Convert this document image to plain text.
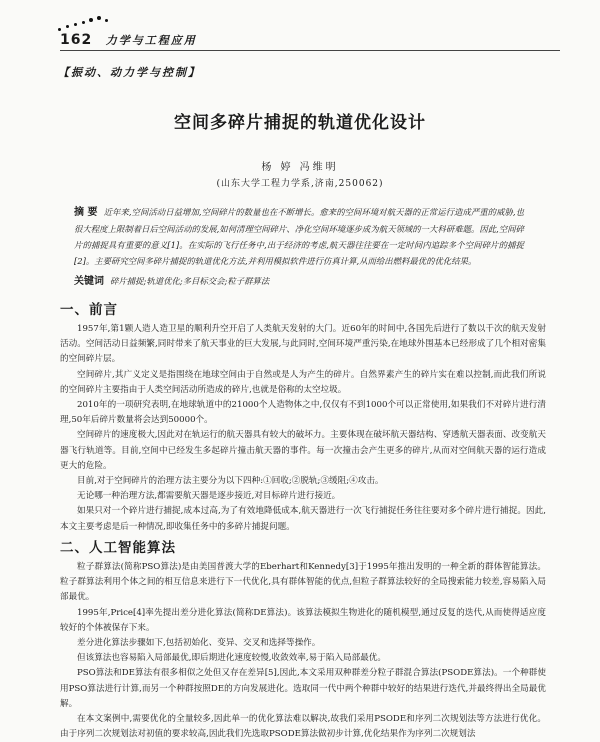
162 力学与工程应用
【振动、动力学与控制】
空间多碎片捕捉的轨道优化设计
杨 婷 冯维明
(山东大学工程力学系,济南,250062)
摘 要 近年来,空间活动日益增加,空间碎片的数量也在不断增长。愈来的空间环境对航天器的正常运行造成严重的威胁,也很大程度上限制着日后空间活动的发展,如何清理空间碎片、净化空间环境逐步成为航天领域的一大科研难题。因此,空间碎片的捕捉具有重要的意义[1]。在实际的飞行任务中,出于经济的考虑,航天器往往要在一定时间内追踪多个空间碎片的捕捉[2]。主要研究空间多碎片捕捉的轨道优化方法,并利用模拟软件进行仿真计算,从而给出燃料最优的优化结果。
关键词 碎片捕捉;轨道优化;多目标交会;粒子群算法
一、前言

1957年,第1颗人造人造卫星的顺利升空开启了人类航天发射的大门。近60年的时间中,各国先后进行了数以千次的航天发射活动。空间活动日益频繁,同时带来了航天事业的巨大发展,与此同时,空间环境严重污染,在地球外围基本已经形成了几个相对密集的空间碎片层。

空间碎片,其广义定义是指围绕在地球空间由于自然或是人为产生的碎片。自然界素产生的碎片实在难以控制,而此我们所说的空间碎片主要指由于人类空间活动所造成的碎片,也就是俗称的太空垃圾。

2010年的一项研究表明,在地球轨道中的21000个人造物体之中,仅仅有不到1000个可以正常使用,如果我们不对碎片进行清理,50年后碎片数量将会达到50000个。

空间碎片的速度极大,因此对在轨运行的航天器具有较大的破坏力。主要体现在破坏航天器结构、穿透航天器表面、改变航天器飞行轨道等。目前,空间中已经发生多起碎片撞击航天器的事件。每一次撞击会产生更多的碎片,从而对空间航天器的运行造成更大的危险。

目前,对于空间碎片的治理方法主要分为以下四种:①回收;②脱轨;③缓阻;④攻击。

无论哪一种治理方法,都需要航天器是逐步接近,对目标碎片进行接近。

如果只对一个碎片进行捕捉,成本过高,为了有效地降低成本,航天器进行一次飞行捕捉任务往往要对多个碎片进行捕捉。因此,本文主要考虑是后一种情况,即收集任务中的多碎片捕捉问题。

二、人工智能算法

粒子群算法(简称PSO算法)是由美国普渡大学的Eberhart和Kennedy[3]于1995年推出发明的一种全新的群体智能算法。粒子群算法利用个体之间的相互信息来进行下一代优化,具有群体智能的优点,但粒子群算法较好的全局搜索能力较差,容易陷入局部最优。

1995年,Price[4]率先提出差分进化算法(简称DE算法)。该算法模拟生物进化的随机模型,通过反复的迭代,从而使得适应度较好的个体被保存下来。

差分进化算法步骤如下,包括初始化、变异、交叉和选择等操作。

但该算法也容易陷入局部最优,即后期进化速度较慢,收敛效率,易于陷入局部最优。

PSO算法和DE算法有很多相似之处但又存在差异[5],因此,本文采用双种群差分粒子群混合算法(PSODE算法)。一个种群使用PSO算法进行计算,而另一个种群按照DE的方向发展进化。选取同一代中两个种群中较好的结果进行迭代,并最终得出全局最优解。

在本文案例中,需要优化的全量较多,因此单一的优化算法难以解决,故我们采用PSODE和序列二次规划法等方法进行优化。由于序列二次规划法对初值的要求较高,因此我们先选取PSODE算法做初步计算,优化结果作为序列二次规划法
